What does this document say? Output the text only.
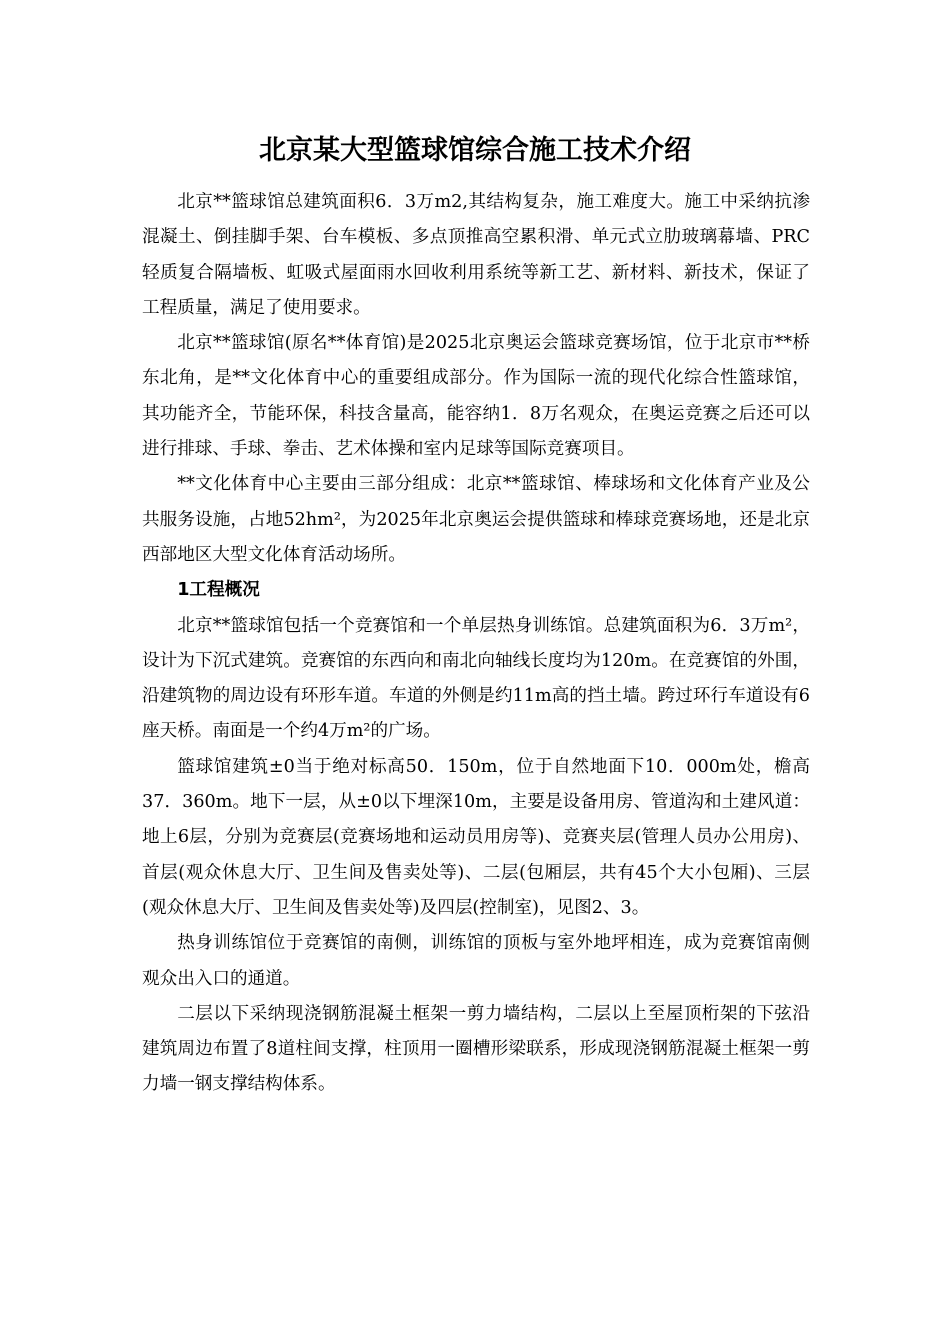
北京某大型篮球馆综合施工技术介绍

北京**篮球馆总建筑面积6．3万m2,其结构复杂，施工难度大。施工中采纳抗渗混凝土、倒挂脚手架、台车模板、多点顶推高空累积滑、单元式立肋玻璃幕墙、PRC轻质复合隔墙板、虹吸式屋面雨水回收利用系统等新工艺、新材料、新技术，保证了工程质量，满足了使用要求。

北京**篮球馆(原名**体育馆)是2025北京奥运会篮球竞赛场馆，位于北京市**桥东北角，是**文化体育中心的重要组成部分。作为国际一流的现代化综合性篮球馆，其功能齐全，节能环保，科技含量高，能容纳1．8万名观众，在奥运竞赛之后还可以进行排球、手球、拳击、艺术体操和室内足球等国际竞赛项目。

**文化体育中心主要由三部分组成：北京**篮球馆、棒球场和文化体育产业及公共服务设施，占地52hm²，为2025年北京奥运会提供篮球和棒球竞赛场地，还是北京西部地区大型文化体育活动场所。

1工程概况

北京**篮球馆包括一个竞赛馆和一个单层热身训练馆。总建筑面积为6．3万m²，设计为下沉式建筑。竞赛馆的东西向和南北向轴线长度均为120m。在竞赛馆的外围，沿建筑物的周边设有环形车道。车道的外侧是约11m高的挡土墙。跨过环行车道设有6座天桥。南面是一个约4万m²的广场。

篮球馆建筑±0当于绝对标高50．150m，位于自然地面下10．000m处，檐高37．360m。地下一层，从±0以下埋深10m，主要是设备用房、管道沟和土建风道：地上6层，分别为竞赛层(竞赛场地和运动员用房等)、竞赛夹层(管理人员办公用房)、首层(观众休息大厅、卫生间及售卖处等)、二层(包厢层，共有45个大小包厢)、三层(观众休息大厅、卫生间及售卖处等)及四层(控制室)，见图2、3。

热身训练馆位于竞赛馆的南侧，训练馆的顶板与室外地坪相连，成为竞赛馆南侧观众出入口的通道。

二层以下采纳现浇钢筋混凝土框架一剪力墙结构，二层以上至屋顶桁架的下弦沿建筑周边布置了8道柱间支撑，柱顶用一圈槽形梁联系，形成现浇钢筋混凝土框架一剪力墙一钢支撑结构体系。
